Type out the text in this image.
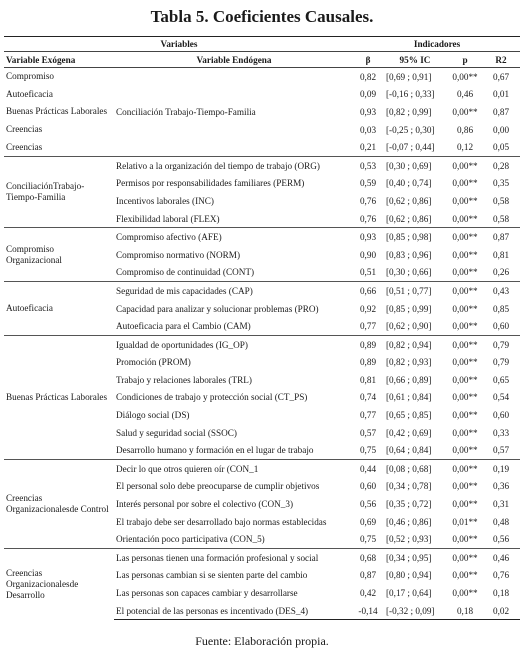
Tabla 5. Coeficientes Causales.
Variables		Indicadores			
Variable Exógena	Variable Endógena	β	95% IC	p	R2
Compromiso		0,82	[0,69 ; 0,91]	0,00**	0,67
Autoeficacia		0,09	[-0,16 ; 0,33]	0,46	0,01
Buenas Prácticas Laborales	Conciliación Trabajo-Tiempo-Familia	0,93	[0,82 ; 0,99]	0,00**	0,87
Creencias		0,03	[-0,25 ; 0,30]	0,86	0,00
Creencias		0,21	[-0,07 ; 0,44]	0,12	0,05
ConciliaciónTrabajo-Tiempo-Familia	Relativo a la organización del tiempo de trabajo (ORG)	0,53	[0,30 ; 0,69]	0,00**	0,28
	Permisos por responsabilidades familiares (PERM)	0,59	[0,40 ; 0,74]	0,00**	0,35
	Incentivos laborales (INC)	0,76	[0,62 ; 0,86]	0,00**	0,58
	Flexibilidad laboral (FLEX)	0,76	[0,62 ; 0,86]	0,00**	0,58
Compromiso Organizacional	Compromiso afectivo (AFE)	0,93	[0,85 ; 0,98]	0,00**	0,87
	Compromiso normativo (NORM)	0,90	[0,83 ; 0,96]	0,00**	0,81
	Compromiso de continuidad (CONT)	0,51	[0,30 ; 0,66]	0,00**	0,26
Autoeficacia	Seguridad de mis capacidades (CAP)	0,66	[0,51 ; 0,77]	0,00**	0,43
	Capacidad para analizar y solucionar problemas (PRO)	0,92	[0,85 ; 0,99]	0,00**	0,85
	Autoeficacia para el Cambio (CAM)	0,77	[0,62 ; 0,90]	0,00**	0,60
Buenas Prácticas Laborales	Igualdad de oportunidades (IG_OP)	0,89	[0,82 ; 0,94]	0,00**	0,79
	Promoción (PROM)	0,89	[0,82 ; 0,93]	0,00**	0,79
	Trabajo y relaciones laborales (TRL)	0,81	[0,66 ; 0,89]	0,00**	0,65
	Condiciones de trabajo y protección social (CT_PS)	0,74	[0,61 ; 0,84]	0,00**	0,54
	Diálogo social (DS)	0,77	[0,65 ; 0,85]	0,00**	0,60
	Salud y seguridad social (SSOC)	0,57	[0,42 ; 0,69]	0,00**	0,33
	Desarrollo humano y formación en el lugar de trabajo	0,75	[0,64 ; 0,84]	0,00**	0,57
Creencias Organizacionalesde Control	Decir lo que otros quieren oír (CON_1	0,44	[0,08 ; 0,68]	0,00**	0,19
	El personal solo debe preocuparse de cumplir objetivos	0,60	[0,34 ; 0,78]	0,00**	0,36
	Interés personal por sobre el colectivo (CON_3)	0,56	[0,35 ; 0,72]	0,00**	0,31
	El trabajo debe ser desarrollado bajo normas establecidas	0,69	[0,46 ; 0,86]	0,01**	0,48
	Orientación poco participativa (CON_5)	0,75	[0,52 ; 0,93]	0,00**	0,56
Creencias Organizacionalesde Desarrollo	Las personas tienen una formación profesional y social	0,68	[0,34 ; 0,95]	0,00**	0,46
	Las personas cambian si se sienten parte del cambio	0,87	[0,80 ; 0,94]	0,00**	0,76
	Las personas son capaces cambiar y desarrollarse	0,42	[0,17 ; 0,64]	0,00**	0,18
	El potencial de las personas es incentivado (DES_4)	-0,14	[-0,32 ; 0,09]	0,18	0,02
Fuente: Elaboración propia.
